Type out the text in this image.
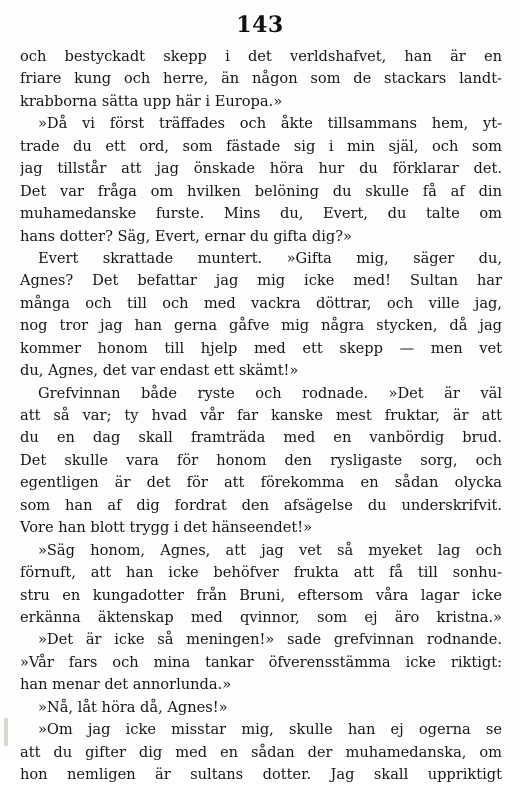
143
och bestyckadt skepp i det verldshafvet, han är en
friare kung och herre, än någon som de stackars landt-
krabborna sätta upp här i Europa.»
»Då vi först träffades och åkte tillsammans hem, yt-
trade du ett ord, som fästade sig i min själ, och som
jag tillstår att jag önskade höra hur du förklarar det.
Det var fråga om hvilken belöning du skulle få af din
muhamedanske furste. Mins du, Evert, du talte om
hans dotter? Säg, Evert, ernar du gifta dig?»
Evert skrattade muntert. »Gifta mig, säger du,
Agnes? Det befattar jag mig icke med! Sultan har
många och till och med vackra döttrar, och ville jag,
nog tror jag han gerna gåfve mig några stycken, då jag
kommer honom till hjelp med ett skepp — men vet
du, Agnes, det var endast ett skämt!»
Grefvinnan både ryste och rodnade. »Det är väl
att så var; ty hvad vår far kanske mest fruktar, är att
du en dag skall framträda med en vanbördig brud.
Det skulle vara för honom den rysligaste sorg, och
egentligen är det för att förekomma en sådan olycka
som han af dig fordrat den afsägelse du underskrifvit.
Vore han blott trygg i det hänseendet!»
»Säg honom, Agnes, att jag vet så myeket lag och
förnuft, att han icke behöfver frukta att få till sonhu-
stru en kungadotter från Bruni, eftersom våra lagar icke
erkänna äktenskap med qvinnor, som ej äro kristna.»
»Det är icke så meningen!» sade grefvinnan rodnande.
»Vår fars och mina tankar öfverensstämma icke riktigt:
han menar det annorlunda.»
»Nå, låt höra då, Agnes!»
»Om jag icke misstar mig, skulle han ej ogerna se
att du gifter dig med en sådan der muhamedanska, om
hon nemligen är sultans dotter. Jag skall uppriktigt
